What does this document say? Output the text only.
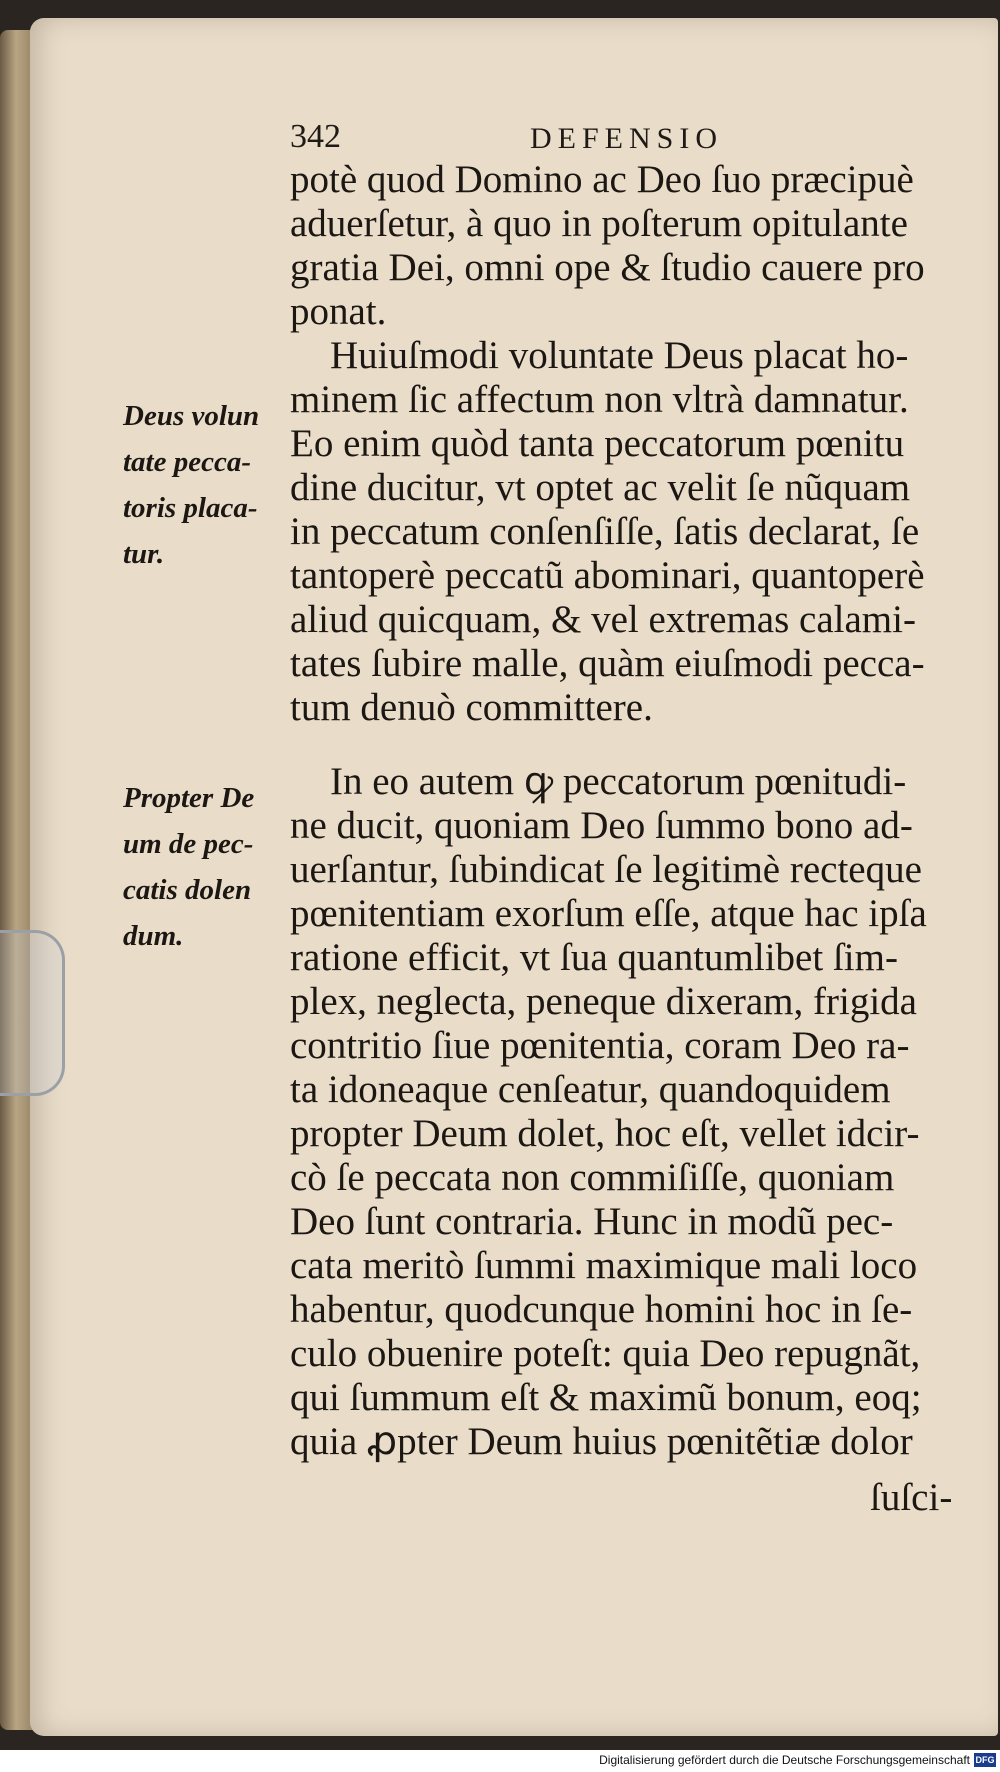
342	DEFENSIO
potè quod Domino ac Deo ſuo præcipuè
aduerſetur, à quo in poſterum opitulante
gratia Dei, omni ope & ſtudio cauere pro
ponat.
Huiuſmodi voluntate Deus placat ho-
minem ſic affectum non vltrà damnatur.
Eo enim quòd tanta peccatorum pœnitu
dine ducitur, vt optet ac velit ſe nũquam
in peccatum conſenſiſſe, ſatis declarat, ſe
tantoperè peccatũ abominari, quantoperè
aliud quicquam, & vel extremas calami-
tates ſubire malle, quàm eiuſmodi pecca-
tum denuò committere.
In eo autem ꝙ peccatorum pœnitudi-
ne ducit, quoniam Deo ſummo bono ad-
uerſantur, ſubindicat ſe legitimè recteque
pœnitentiam exorſum eſſe, atque hac ipſa
ratione efficit, vt ſua quantumlibet ſim-
plex, neglecta, peneque dixeram, frigida
contritio ſiue pœnitentia, coram Deo ra-
ta idoneaque cenſeatur, quandoquidem
propter Deum dolet, hoc eſt, vellet idcir-
cò ſe peccata non commiſiſſe, quoniam
Deo ſunt contraria. Hunc in modũ pec-
cata meritò ſummi maximique mali loco
habentur, quodcunque homini hoc in ſe-
culo obuenire poteſt: quia Deo repugnãt,
qui ſummum eſt & maximũ bonum, eoq;
quia ꝓpter Deum huius pœnitẽtiæ dolor
ſuſci-
Deus volun
tate pecca-
toris placa-
tur.
Propter De
um de pec-
catis dolen
dum.
Digitalisierung gefördert durch die Deutsche Forschungsgemeinschaft DFG
